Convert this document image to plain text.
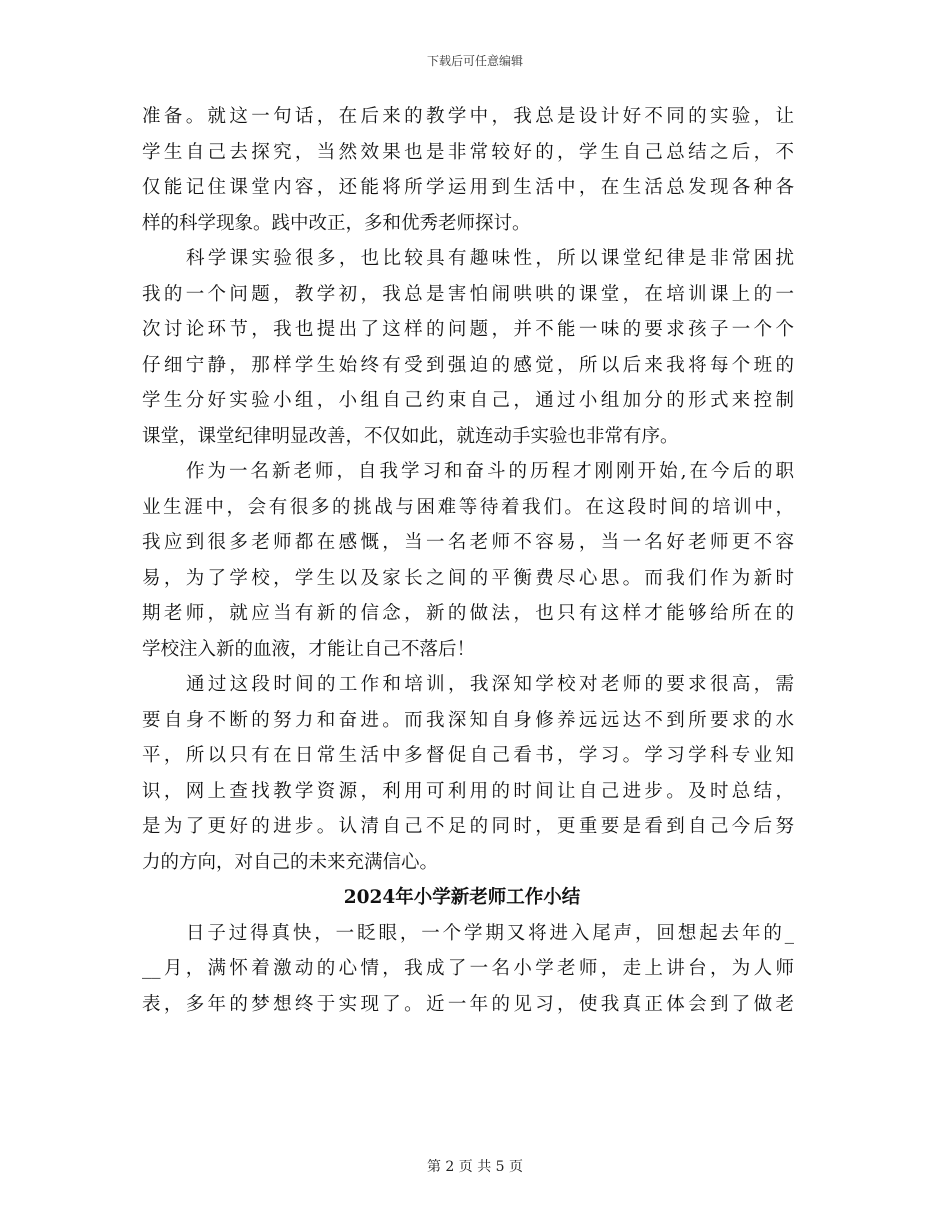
下载后可任意编辑
准备。就这一句话，在后来的教学中，我总是设计好不同的实验，让
学生自己去探究，当然效果也是非常较好的，学生自己总结之后，不
仅能记住课堂内容，还能将所学运用到生活中，在生活总发现各种各
样的科学现象。践中改正，多和优秀老师探讨。
科学课实验很多，也比较具有趣味性，所以课堂纪律是非常困扰
我的一个问题，教学初，我总是害怕闹哄哄的课堂，在培训课上的一
次讨论环节，我也提出了这样的问题，并不能一味的要求孩子一个个
仔细宁静，那样学生始终有受到强迫的感觉，所以后来我将每个班的
学生分好实验小组，小组自己约束自己，通过小组加分的形式来控制
课堂，课堂纪律明显改善，不仅如此，就连动手实验也非常有序。
作为一名新老师，自我学习和奋斗的历程才刚刚开始,在今后的职
业生涯中，会有很多的挑战与困难等待着我们。在这段时间的培训中，
我应到很多老师都在感慨，当一名老师不容易，当一名好老师更不容
易，为了学校，学生以及家长之间的平衡费尽心思。而我们作为新时
期老师，就应当有新的信念，新的做法，也只有这样才能够给所在的
学校注入新的血液，才能让自己不落后！
通过这段时间的工作和培训，我深知学校对老师的要求很高，需
要自身不断的努力和奋进。而我深知自身修养远远达不到所要求的水
平，所以只有在日常生活中多督促自己看书，学习。学习学科专业知
识，网上查找教学资源，利用可利用的时间让自己进步。及时总结，
是为了更好的进步。认清自己不足的同时，更重要是看到自己今后努
力的方向，对自己的未来充满信心。
2024年小学新老师工作小结
日子过得真快，一眨眼，一个学期又将进入尾声，回想起去年的_
__月，满怀着激动的心情，我成了一名小学老师，走上讲台，为人师
表，多年的梦想终于实现了。近一年的见习，使我真正体会到了做老
第 2 页 共 5 页
